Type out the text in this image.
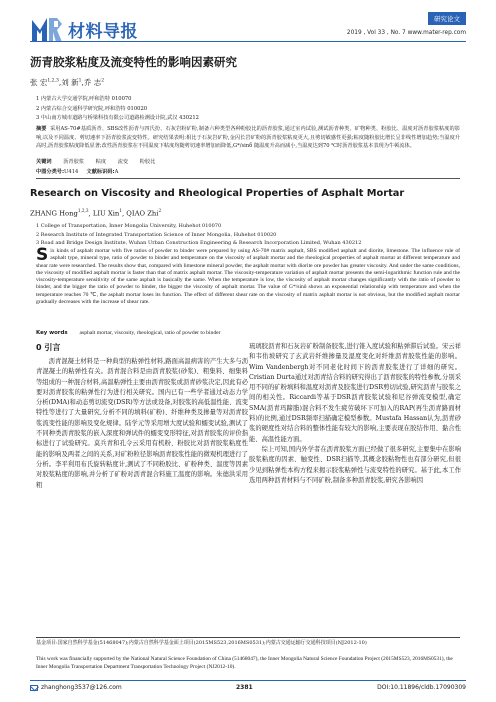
材料导报
研究论文
2019 , Vol 33 , No. 7 www.mater-rep.com
沥青胶浆粘度及流变特性的影响因素研究
张 宏$^{1,2,3}$,刘 新$^1$,乔 志$^2$
1 内蒙古大学交通学院,呼和浩特 010070
2 内蒙古综合交通科学研究院,呼和浩特 010020
3 中山南方城市道路与桥梁科技有限公司道路检测设计院,武汉 430212
摘要 采用AS-70#基质沥青、SBS改性沥青与四氏扮、石灰岩粉矿粉,制备六种类型各种粉胶比的沥青胶浆,通过室内试验,测试沥青种类、矿物种类、粉胶比、温度对沥青胶浆粘度的影响,以及不同温度、剪切速率下沥青胶浆流变特性。研究结果表明:相比于石灰岩矿粉,金闪长岩矿粉的沥青胶浆粘度更大,且剪切敏感性更强;粘度随粉胶比增长呈非线性增加趋势;当温度升高时,沥青胶浆粘度降低显著;改性沥青胶浆在不同温度下粘度均随剪切速率增加而降低,G*/sinδ 随温度升高而减小,当温度达到70 ℃时沥青胶浆基本表现为牛顿流体。
关键词 沥青胶浆 粘度 流变 粉胶比
中图分类号:U414 文献标识码:A
Research on Viscosity and Rheological Properties of Asphalt Mortar
ZHANG Hong$^{1,2,3}$, LIU Xin$^1$, QIAO Zhi$^2$
1 College of Transportation, Inner Mongolia University, Huhehot 010070
2 Research Institute of Integrated Transportation Science of Inner Mongolia, Huhehot 010020
3 Road and Bridge Design Institute, Wuhan Urban Construction Engineering & Research Incorporation Limited, Wuhan 430212
Six kinds of asphalt mortar with five ratios of powder to binder were prepared by using AS-70# matrix asphalt, SBS modified asphalt and diorite, limestone. The influence rule of asphalt type, mineral type, ratio of powder to binder and temperature on the viscosity of asphalt mortar and the rheological properties of asphalt mortar at different temperature and shear rate were researched. The results show that, compared with limestone mineral powder, the asphalt mortar with diorite ore powder has greater viscosity. And under the same conditions, the viscosity of modified asphalt mortar is faster than that of matrix asphalt mortar. The viscosity-temperature variation of asphalt mortar presents the semi-logarithmic function rule and the viscosity-temperature sensitivity of the same asphalt is basically the same. When the temperature is low, the viscosity of asphalt mortar changes significantly with the ratio of powder to binder, and the bigger the ratio of powder to binder, the bigger the viscosity of asphalt mortar. The value of G*/sinδ shows an exponential relationship with temperature and when the temperature reaches 70 ℃, the asphalt mortar loses its function. The effect of different shear rate on the viscosity of matrix asphalt mortar is not obvious, but the modified asphalt mortar gradually decreases with the increase of shear rate.
Key words asphalt mortar, viscosity, rheological, ratio of powder to binder
0 引言

沥青混凝土材料是一种典型的粘弹性材料,路面高温病害的产生大多与沥青混凝土的粘弹性有关。沥青混合料是由沥青胶浆(砂浆)、粗集料、细集料等组成的一种混合材料,高温粘弹性主要由沥青胶浆或沥青砂浆决定,因此有必要对沥青胶浆的粘弹性行为进行相关研究。国内已有一些学者通过动态力学分析(DMA)和动态剪切流变(DSR)等方法或设备,对胶浆的高低温性能、流变特性等进行了大量研究,分析不同的填料(矿粉)、纤维种类及掺量等对沥青胶浆流变性能的影响及变化规律。陆学元等采用增大度试验和蠕变试验,测试了不同种类沥青胶浆的嵌入深度和弹试件的蠕变变形特征,对沥青胶浆的评价指标进行了试验研究。莫兵青和孔令云采用有机粉、粉胶比对沥青胶浆粘度性能的影响及两者之间的关系,对矿粉粒径影响沥青胶浆性能的微观机理进行了分析。李平利用布氏旋转粘度计,测试了不同粉胶比、矿粉种类、温度等因素对胶浆粘度的影响,并分析了矿粉对沥青混合料施工温度的影响。朱德洪采用粗

琉璃胶沥青和石灰岩矿粉制备胶浆,进行锥入度试验和粘弹滞后试验。宋云祥和韦佑坡研究了玄武岩纤维掺量及湿度变化对纤维沥青胶浆性能的影响。Wim Vandenbergh对不同老化时间下的沥青胶浆进行了详细的研究。Cristian Durta通过对沥青结合料的研究得出了沥青胶浆的特性参数,分别采用不同的矿粉填料和温度对沥青及胶浆进行DSR剪切试验,研究沥青与胶浆之间的相关性。Riccardi等基于DSR沥青胶浆试验和尼谷弹流变模型,确定SMA(沥青玛蹄脂)混合料不发生疲劳破坏下可加入的RAP(再生沥青路面材料)的比例,通过DSR频率扫描确定模型参数。Mustafa Hassan认为,沥青砂浆的硬度性对结合料的整体性能有较大的影响,主要表现在胶结作用、黏合性能、高温性能方面。

综上可知,国内外学者在沥青胶浆方面已经做了很多研究,主要集中在影响胶浆粘度的因素、触变性、DSR扫描等,其概念胶粘物性也有部分研究,但很少见到粘弹性本构方程来揭示胶浆粘弹性与流变特性的研究。基于此,本工作选用两种沥青材料与不同矿粉,制备多种沥青胶浆,研究各影响因

基金项目:国家自然科学基金(51468047);内蒙古自然科学基金面上项目(2015MS523,2016MS0531);内蒙古交通运输厅交通科技项目(NJ2012-10)
This work was financially supported by the National Natural Science Foundation of China (51468047), the Inner Mongolia Natural Science Foundation Project (2015MS523, 2016MS0531), the Inner Mongolia Transportation Department Transportation Technology Project (NJ2012-10).
zhanghong3537@126.com	2381	DOI:10.11896/cldb.17090309
